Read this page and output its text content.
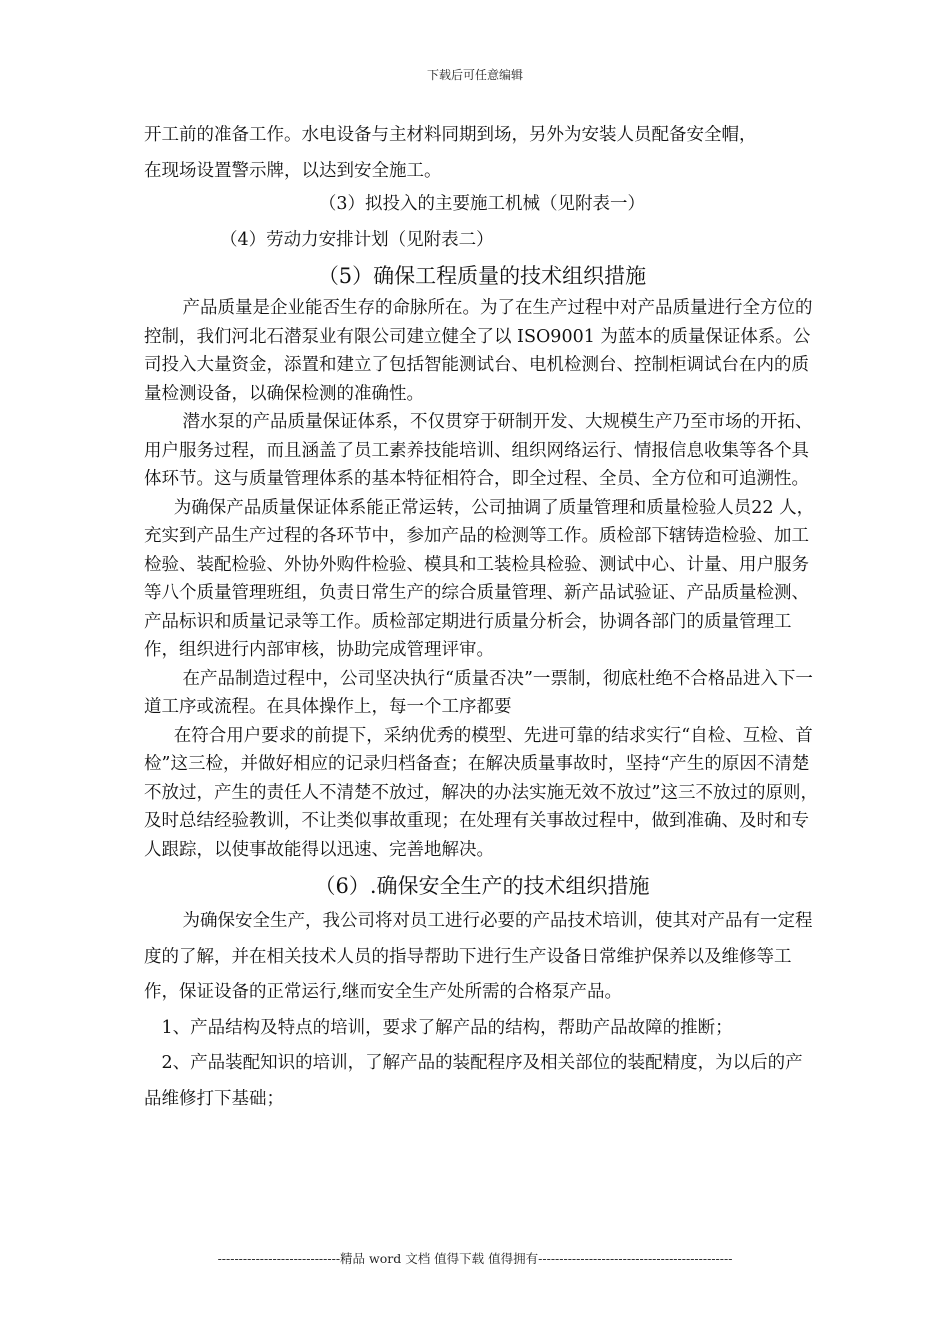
下载后可任意编辑

开工前的准备工作。水电设备与主材料同期到场，另外为安装人员配备安全帽，

在现场设置警示牌，以达到安全施工。

（3）拟投入的主要施工机械（见附表一）

（4）劳动力安排计划（见附表二）

（5）确保工程质量的技术组织措施

产品质量是企业能否生存的命脉所在。为了在生产过程中对产品质量进行全方位的控制，我们河北石潜泵业有限公司建立健全了以 ISO9001 为蓝本的质量保证体系。公司投入大量资金，添置和建立了包括智能测试台、电机检测台、控制柜调试台在内的质量检测设备，以确保检测的准确性。

潜水泵的产品质量保证体系，不仅贯穿于研制开发、大规模生产乃至市场的开拓、用户服务过程，而且涵盖了员工素养技能培训、组织网络运行、情报信息收集等各个具体环节。这与质量管理体系的基本特征相符合，即全过程、全员、全方位和可追溯性。

为确保产品质量保证体系能正常运转，公司抽调了质量管理和质量检验人员22 人，充实到产品生产过程的各环节中，参加产品的检测等工作。质检部下辖铸造检验、加工检验、装配检验、外协外购件检验、模具和工装检具检验、测试中心、计量、用户服务等八个质量管理班组，负责日常生产的综合质量管理、新产品试验证、产品质量检测、产品标识和质量记录等工作。质检部定期进行质量分析会，协调各部门的质量管理工作，组织进行内部审核，协助完成管理评审。

在产品制造过程中，公司坚决执行“质量否决”一票制，彻底杜绝不合格品进入下一道工序或流程。在具体操作上，每一个工序都要

在符合用户要求的前提下，采纳优秀的模型、先进可靠的结求实行“自检、互检、首检”这三检，并做好相应的记录归档备查；在解决质量事故时，坚持“产生的原因不清楚不放过，产生的责任人不清楚不放过，解决的办法实施无效不放过”这三不放过的原则，及时总结经验教训，不让类似事故重现；在处理有关事故过程中，做到准确、及时和专人跟踪，以使事故能得以迅速、完善地解决。

（6）.确保安全生产的技术组织措施

为确保安全生产，我公司将对员工进行必要的产品技术培训，使其对产品有一定程度的了解，并在相关技术人员的指导帮助下进行生产设备日常维护保养以及维修等工作，保证设备的正常运行,继而安全生产处所需的合格泵产品。

1、产品结构及特点的培训，要求了解产品的结构，帮助产品故障的推断；

2、产品装配知识的培训，了解产品的装配程序及相关部位的装配精度，为以后的产品维修打下基础；

-----------------------------精品 word 文档 值得下载 值得拥有----------------------------------------------
